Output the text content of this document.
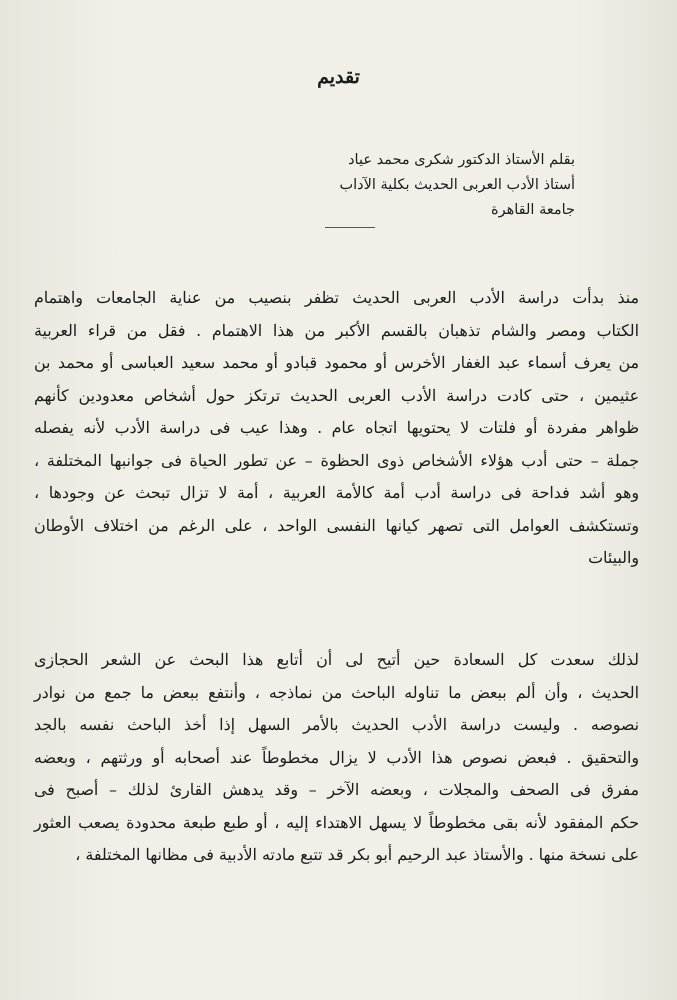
تقديم
بقلم الأستاذ الدكتور شكرى محمد عياد
أستاذ الأدب العربى الحديث بكلية الآداب
جامعة القاهرة
منذ بدأت دراسة الأدب العربى الحديث تظفر بنصيب من عناية الجامعات واهتمام
الكتاب ومصر والشام تذهبان بالقسم الأكبر من هذا الاهتمام . فقل من قراء العربية
من يعرف أسماء عبد الغفار الأخرس أو محمود قبادو أو محمد سعيد العباسى أو محمد بن
عثيمين ، حتى كادت دراسة الأدب العربى الحديث ترتكز حول أشخاص معدودين كأنهم
ظواهر مفردة أو فلتات لا يحتويها اتجاه عام . وهذا عيب فى دراسة الأدب لأنه يفصله
جملة – حتى أدب هؤلاء الأشخاص ذوى الحظوة – عن تطور الحياة فى جوانبها المختلفة ،
وهو أشد فداحة فى دراسة أدب أمة كالأمة العربية ، أمة لا تزال تبحث عن وجودها ،
وتستكشف العوامل التى تصهر كيانها النفسى الواحد ، على الرغم من اختلاف الأوطان
والبيئات
لذلك سعدت كل السعادة حين أتيح لى أن أتابع هذا البحث عن الشعر الحجازى
الحديث ، وأن ألم ببعض ما تناوله الباحث من نماذجه ، وأنتفع ببعض ما جمع من نوادر
نصوصه . وليست دراسة الأدب الحديث بالأمر السهل إذا أخذ الباحث نفسه بالجد
والتحقيق . فبعض نصوص هذا الأدب لا يزال مخطوطاً عند أصحابه أو ورثتهم ، وبعضه
مفرق فى الصحف والمجلات ، وبعضه الآخر – وقد يدهش القارئ لذلك – أصبح فى
حكم المفقود لأنه بقى مخطوطاً لا يسهل الاهتداء إليه ، أو طبع طبعة محدودة يصعب العثور
على نسخة منها . والأستاذ عبد الرحيم أبو بكر قد تتبع مادته الأدبية فى مظانها المختلفة ،
